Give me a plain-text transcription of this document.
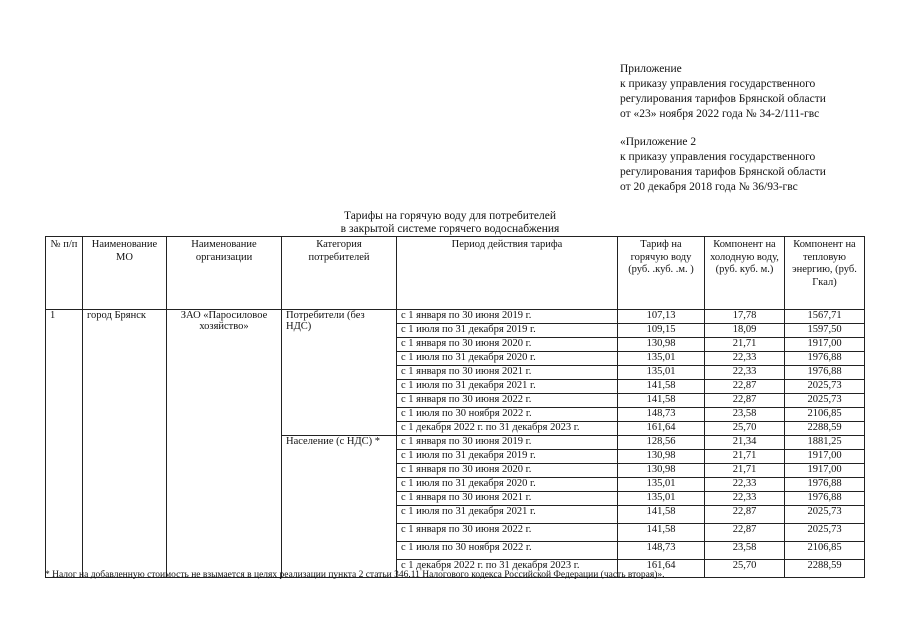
Приложение
к приказу управления государственного
регулирования тарифов Брянской области
от «23» ноября 2022 года № 34-2/111-гвс
«Приложение 2
к приказу управления государственного
регулирования тарифов Брянской области
от 20 декабря 2018 года № 36/93-гвс
Тарифы на горячую воду для потребителей
в закрытой системе горячего водоснабжения
№ п/п	Наименование МО	Наименование организации	Категория потребителей	Период действия тарифа	Тариф на горячую воду (руб. .куб. .м. )	Компонент на холодную воду, (руб. куб. м.)	Компонент на тепловую энергию, (руб. Гкал)
1	город Брянск	ЗАО «Паросиловое хозяйство»	Потребители (без НДС)	с 1 января по 30 июня 2019 г.	107,13	17,78	1567,71
				с 1 июля по 31 декабря 2019 г.	109,15	18,09	1597,50
				с 1 января по 30 июня 2020 г.	130,98	21,71	1917,00
				с 1 июля по 31 декабря 2020 г.	135,01	22,33	1976,88
				с 1 января по 30 июня 2021 г.	135,01	22,33	1976,88
				с 1 июля по 31 декабря 2021 г.	141,58	22,87	2025,73
				с 1 января по 30 июня 2022 г.	141,58	22,87	2025,73
				с 1 июля по 30 ноября 2022 г.	148,73	23,58	2106,85
				с 1 декабря 2022 г. по 31 декабря 2023 г.	161,64	25,70	2288,59
			Население (с НДС) *	с 1 января по 30 июня 2019 г.	128,56	21,34	1881,25
				с 1 июля по 31 декабря 2019 г.	130,98	21,71	1917,00
				с 1 января по 30 июня 2020 г.	130,98	21,71	1917,00
				с 1 июля по 31 декабря 2020 г.	135,01	22,33	1976,88
				с 1 января по 30 июня 2021 г.	135,01	22,33	1976,88
				с 1 июля по 31 декабря 2021 г.	141,58	22,87	2025,73
				с 1 января по 30 июня 2022 г.	141,58	22,87	2025,73
				с 1 июля по 30 ноября 2022 г.	148,73	23,58	2106,85
				с 1 декабря 2022 г. по 31 декабря 2023 г.	161,64	25,70	2288,59
* Налог на добавленную стоимость не взымается в целях реализации пункта 2 статьи 346.11 Налогового кодекса Российской Федерации (часть вторая)».
